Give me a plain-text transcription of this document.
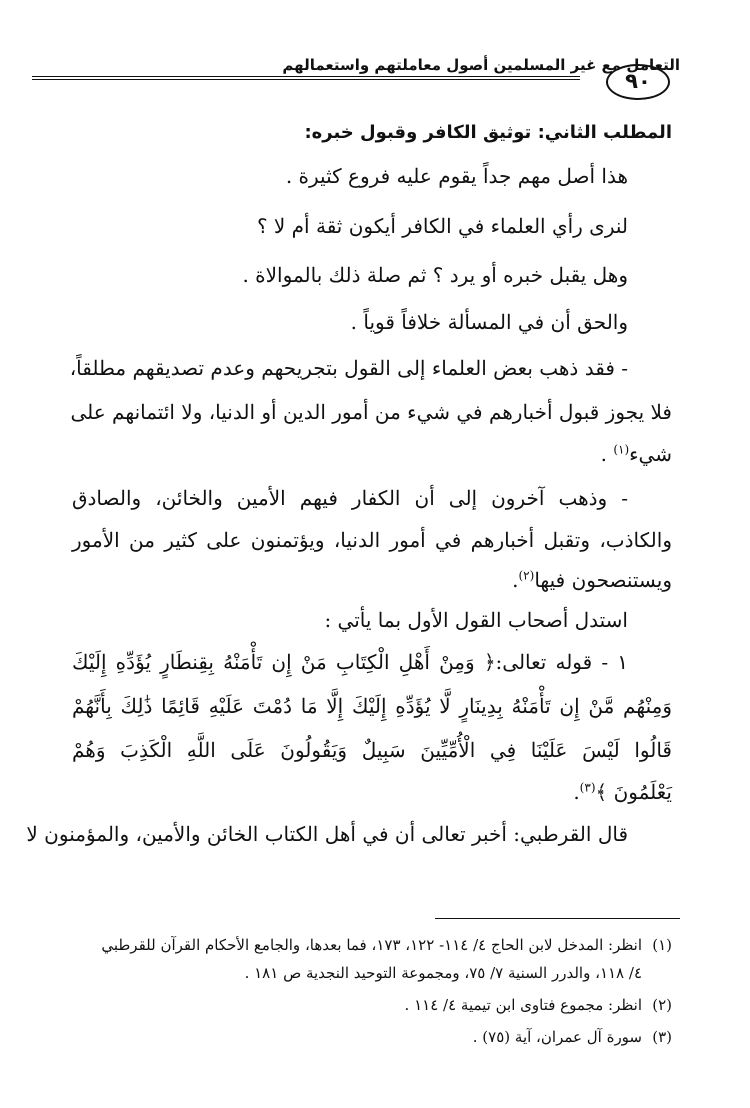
التعامل مع غير المسلمين أصول معاملتهم واستعمالهم
٩٠
المطلب الثاني: توثيق الكافر وقبول خبره:
هذا أصل مهم جداً يقوم عليه فروع كثيرة .
لنرى رأي العلماء في الكافر أيكون ثقة أم لا ؟
وهل يقبل خبره أو يرد ؟ ثم صلة ذلك بالموالاة .
والحق أن في المسألة خلافاً قوياً .
- فقد ذهب بعض العلماء إلى القول بتجريحهم وعدم تصديقهم مطلقاً،
فلا يجوز قبول أخبارهم في شيء من أمور الدين أو الدنيا، ولا ائتمانهم على
شيء$^{(١)}$ .
- وذهب آخرون إلى أن الكفار فيهم الأمين والخائن، والصادق
والكاذب، وتقبل أخبارهم في أمور الدنيا، ويؤتمنون على كثير من الأمور
ويستنصحون فيها$^{(٢)}$.
استدل أصحاب القول الأول بما يأتي :
١ - قوله تعالى:﴿ وَمِنْ أَهْلِ الْكِتَابِ مَنْ إِن تَأْمَنْهُ بِقِنطَارٍ يُؤَدِّهِ إِلَيْكَ
وَمِنْهُم مَّنْ إِن تَأْمَنْهُ بِدِينَارٍ لَّا يُؤَدِّهِ إِلَيْكَ إِلَّا مَا دُمْتَ عَلَيْهِ قَائِمًا ذَٰلِكَ بِأَنَّهُمْ
قَالُوا لَيْسَ عَلَيْنَا فِي الْأُمِّيِّينَ سَبِيلٌ وَيَقُولُونَ عَلَى اللَّهِ الْكَذِبَ وَهُمْ
يَعْلَمُونَ ﴾$^{(٣)}$.
قال القرطبي: أخبر تعالى أن في أهل الكتاب الخائن والأمين، والمؤمنون لا
(١)انظر: المدخل لابن الحاج ٤/ ١١٤- ١٢٢، ١٧٣، فما بعدها، والجامع الأحكام القرآن للقرطبي
٤/ ١١٨، والدرر السنية ٧/ ٧٥، ومجموعة التوحيد النجدية ص ١٨١ .
(٢)انظر: مجموع فتاوى ابن تيمية ٤/ ١١٤ .
(٣)سورة آل عمران، آية (٧٥) .
